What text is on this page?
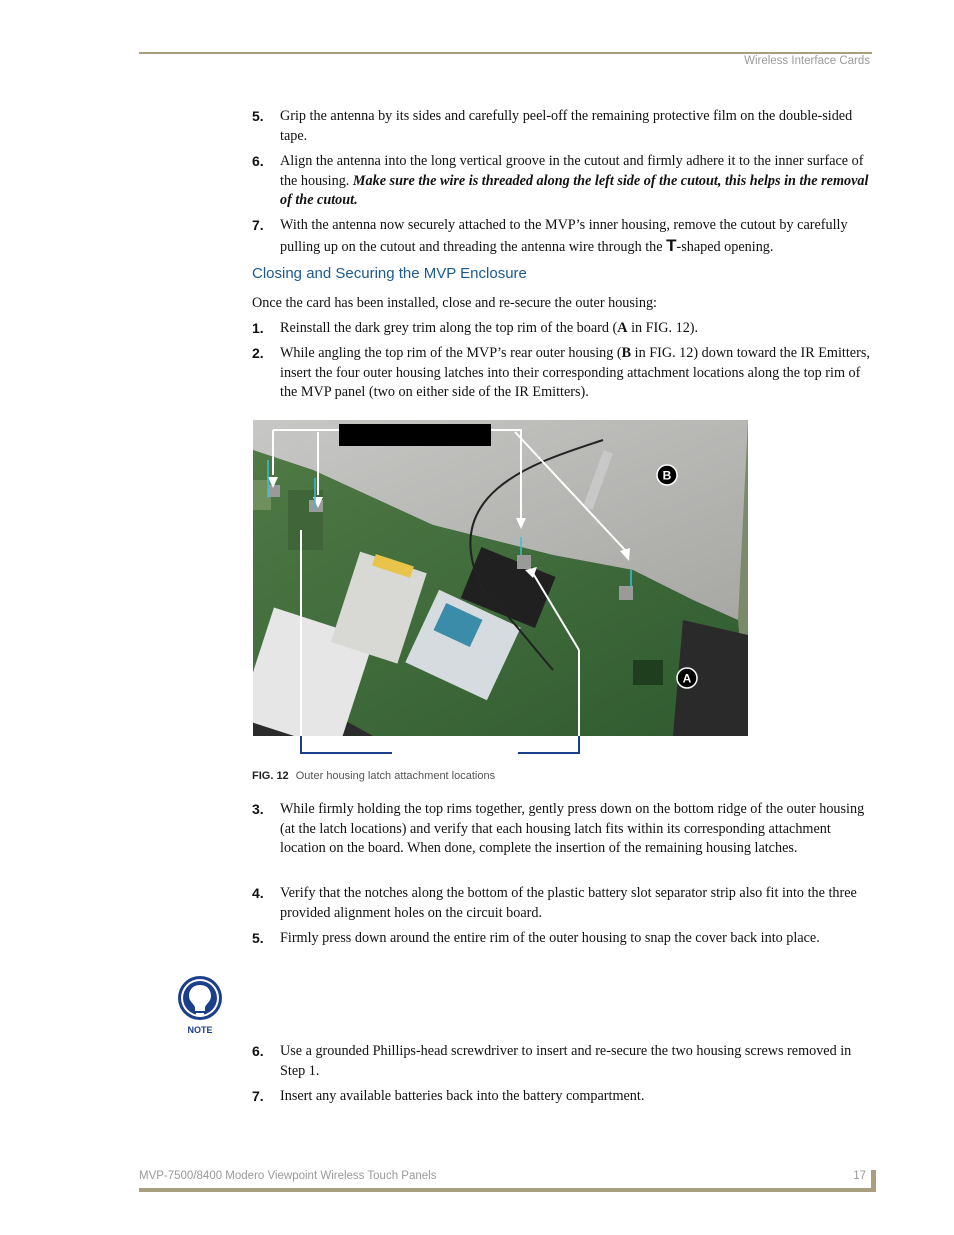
Wireless Interface Cards
5.	Grip the antenna by its sides and carefully peel-off the remaining protective film on the double-sided tape.
6.	Align the antenna into the long vertical groove in the cutout and firmly adhere it to the inner surface of the housing. Make sure the wire is threaded along the left side of the cutout, this helps in the removal of the cutout.
7.	With the antenna now securely attached to the MVP’s inner housing, remove the cutout by carefully pulling up on the cutout and threading the antenna wire through the T-shaped opening.
Closing and Securing the MVP Enclosure
Once the card has been installed, close and re-secure the outer housing:
1.	Reinstall the dark grey trim along the top rim of the board (A in FIG. 12).
2.	While angling the top rim of the MVP’s rear outer housing (B in FIG. 12) down toward the IR Emitters, insert the four outer housing latches into their corresponding attachment locations along the top rim of the MVP panel (two on either side of the IR Emitters).
B
A
FIG. 12 Outer housing latch attachment locations
3.	While firmly holding the top rims together, gently press down on the bottom ridge of the outer housing (at the latch locations) and verify that each housing latch fits within its corresponding attachment location on the board. When done, complete the insertion of the remaining housing latches.
4.	Verify that the notches along the bottom of the plastic battery slot separator strip also fit into the three provided alignment holes on the circuit board.
5.	Firmly press down around the entire rim of the outer housing to snap the cover back into place.
NOTE
6.	Use a grounded Phillips-head screwdriver to insert and re-secure the two housing screws removed in Step 1.
7.	Insert any available batteries back into the battery compartment.
MVP-7500/8400 Modero Viewpoint Wireless Touch Panels	17
